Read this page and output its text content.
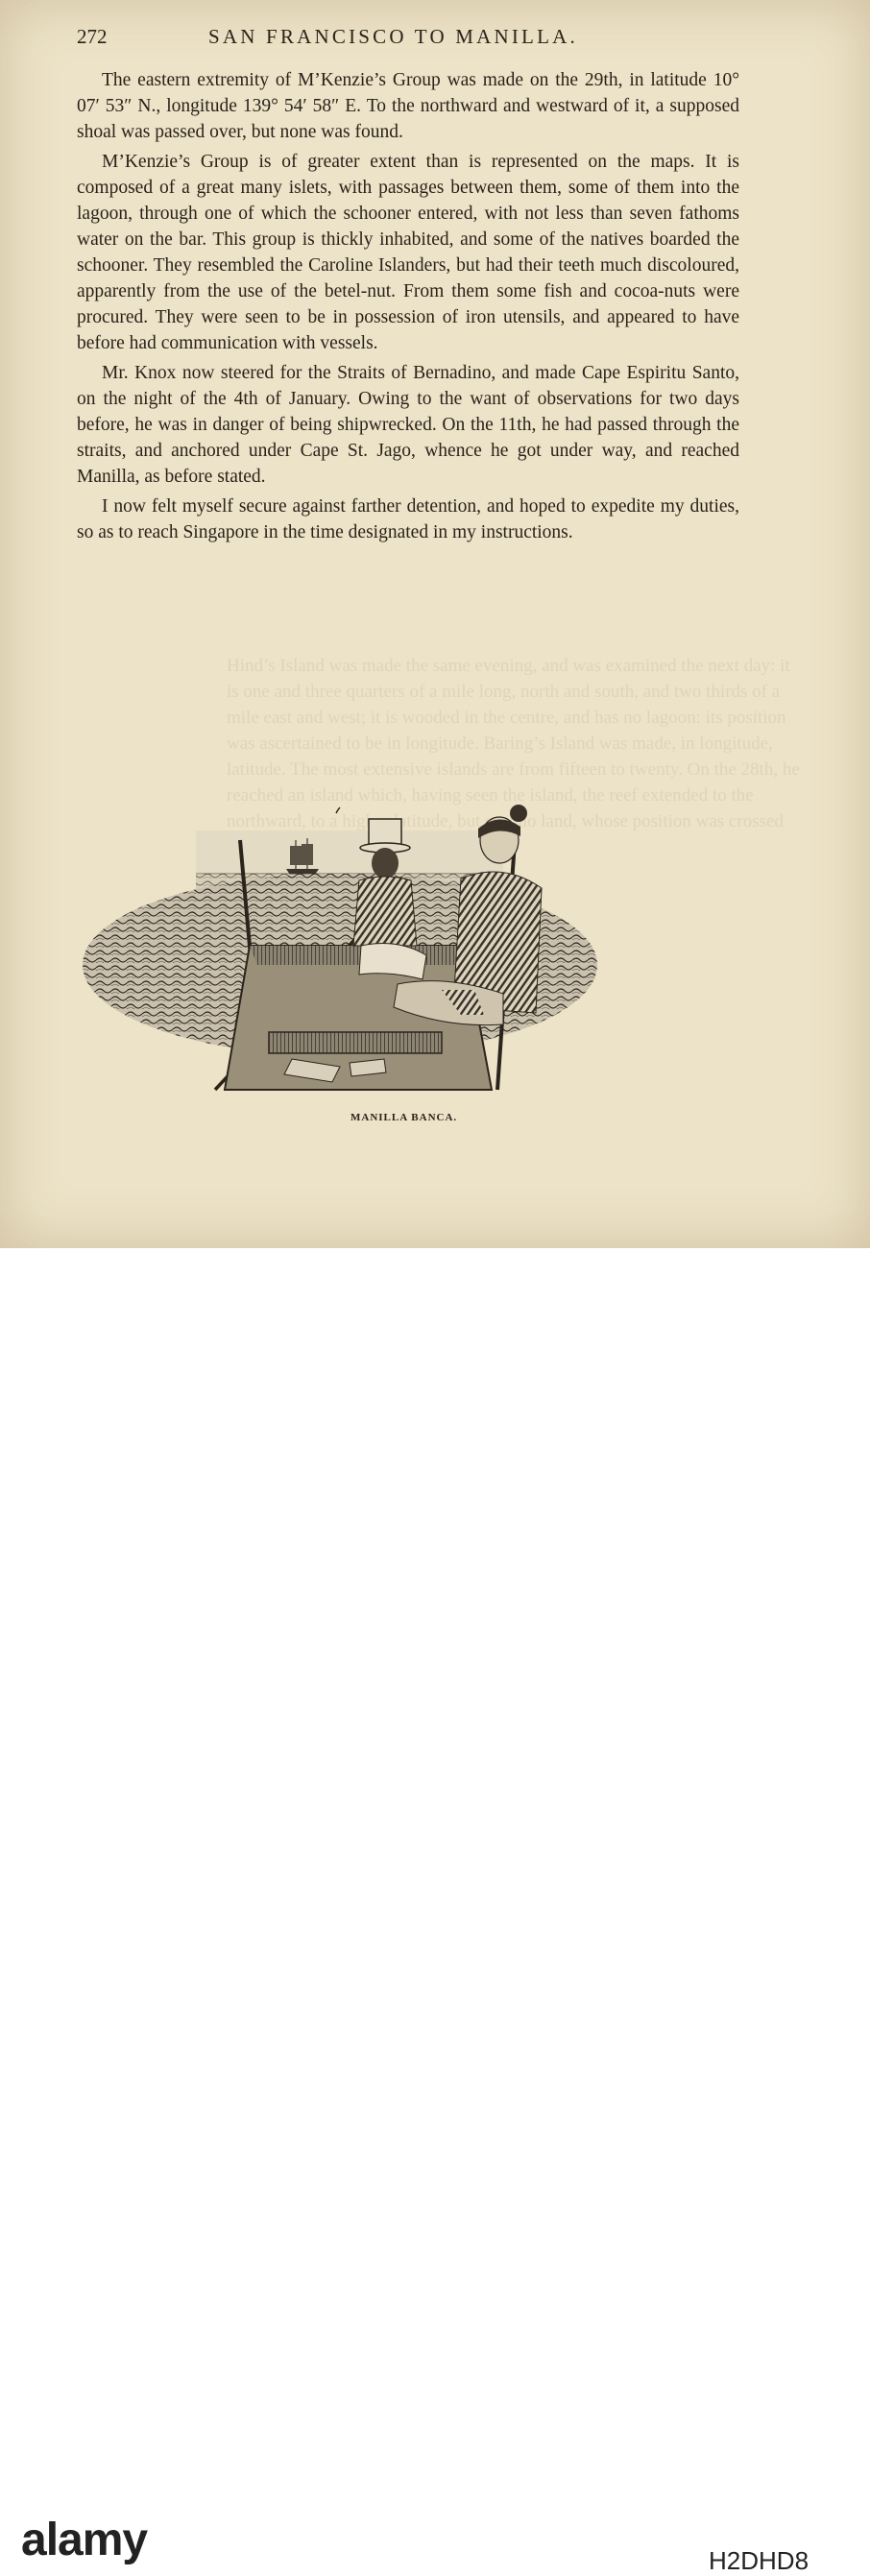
Hind’s Island was made the same evening, and was examined the next day: it is one and three quarters of a mile long, north and south, and two thirds of a mile east and west; it is wooded in the centre, and has no lagoon: its position was ascertained to be in longitude. Baring’s Island was made, in longitude, latitude. The most extensive islands are from fifteen to twenty. On the 28th, he reached an island which, having seen the island, the reef extended to the northward, to a higher latitude, but no land, whose position was crossed
272	SAN FRANCISCO TO MANILLA.

The eastern extremity of M’Kenzie’s Group was made on the 29th, in latitude 10° 07′ 53″ N., longitude 139° 54′ 58″ E. To the northward and westward of it, a supposed shoal was passed over, but none was found.

M’Kenzie’s Group is of greater extent than is represented on the maps. It is composed of a great many islets, with passages between them, some of them into the lagoon, through one of which the schooner entered, with not less than seven fathoms water on the bar. This group is thickly inhabited, and some of the natives boarded the schooner. They resembled the Caroline Islanders, but had their teeth much discoloured, apparently from the use of the betel-nut. From them some fish and cocoa-nuts were procured. They were seen to be in possession of iron utensils, and appeared to have before had communication with vessels.

Mr. Knox now steered for the Straits of Bernadino, and made Cape Espiritu Santo, on the night of the 4th of January. Owing to the want of observations for two days before, he was in danger of being shipwrecked. On the 11th, he had passed through the straits, and anchored under Cape St. Jago, whence he got under way, and reached Manilla, as before stated.

I now felt myself secure against farther detention, and hoped to expedite my duties, so as to reach Singapore in the time designated in my instructions.

MANILLA BANCA.
alamy	H2DHD8
